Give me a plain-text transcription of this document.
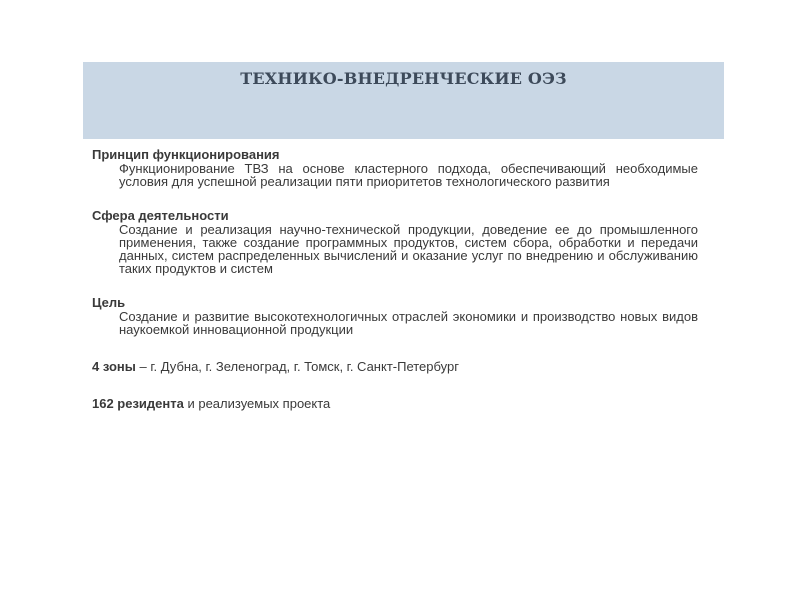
ТЕХНИКО-ВНЕДРЕНЧЕСКИЕ ОЭЗ

Принцип функционирования

Функционирование ТВЗ на основе кластерного подхода, обеспечивающий необходимые условия для успешной реализации пяти приоритетов технологического развития

Сфера деятельности

Создание и реализация научно-технической продукции, доведение ее до промышленного применения, также создание программных продуктов, систем сбора, обработки и передачи данных, систем распределенных вычислений и оказание услуг по внедрению и обслуживанию таких продуктов и систем

Цель

Создание и развитие высокотехнологичных отраслей экономики и производство новых видов наукоемкой инновационной продукции

4 зоны – г. Дубна, г. Зеленоград, г. Томск, г. Санкт-Петербург

162 резидента и реализуемых проекта
